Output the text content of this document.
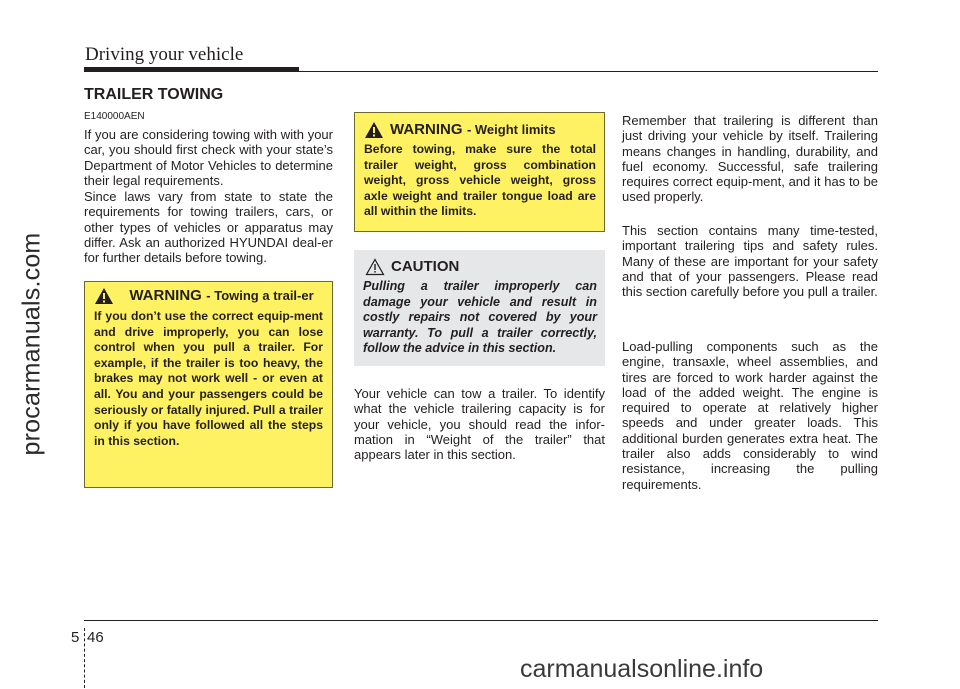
Driving your vehicle
procarmanuals.com
TRAILER TOWING
E140000AEN

If you are considering towing with with your car, you should first check with your state’s Department of Motor Vehicles to determine their legal requirements.

Since laws vary from state to state the requirements for towing trailers, cars, or other types of vehicles or apparatus may differ. Ask an authorized HYUNDAI deal-er for further details before towing.

WARNING - Towing a trail-er

If you don’t use the correct equip-ment and drive improperly, you can lose control when you pull a trailer. For example, if the trailer is too heavy, the brakes may not work well - or even at all. You and your passengers could be seriously or fatally injured. Pull a trailer only if you have followed all the steps in this section.

WARNING - Weight limits

Before towing, make sure the total trailer weight, gross combination weight, gross vehicle weight, gross axle weight and trailer tongue load are all within the limits.

CAUTION

Pulling a trailer improperly can damage your vehicle and result in costly repairs not covered by your warranty. To pull a trailer correctly, follow the advice in this section.

Your vehicle can tow a trailer. To identify what the vehicle trailering capacity is for your vehicle, you should read the infor-mation in “Weight of the trailer” that appears later in this section.

Remember that trailering is different than just driving your vehicle by itself. Trailering means changes in handling, durability, and fuel economy. Successful, safe trailering requires correct equip-ment, and it has to be used properly.

This section contains many time-tested, important trailering tips and safety rules. Many of these are important for your safety and that of your passengers. Please read this section carefully before you pull a trailer.

Load-pulling components such as the engine, transaxle, wheel assemblies, and tires are forced to work harder against the load of the added weight. The engine is required to operate at relatively higher speeds and under greater loads. This additional burden generates extra heat. The trailer also adds considerably to wind resistance, increasing the pulling requirements.

5 46
carmanualsonline.info
